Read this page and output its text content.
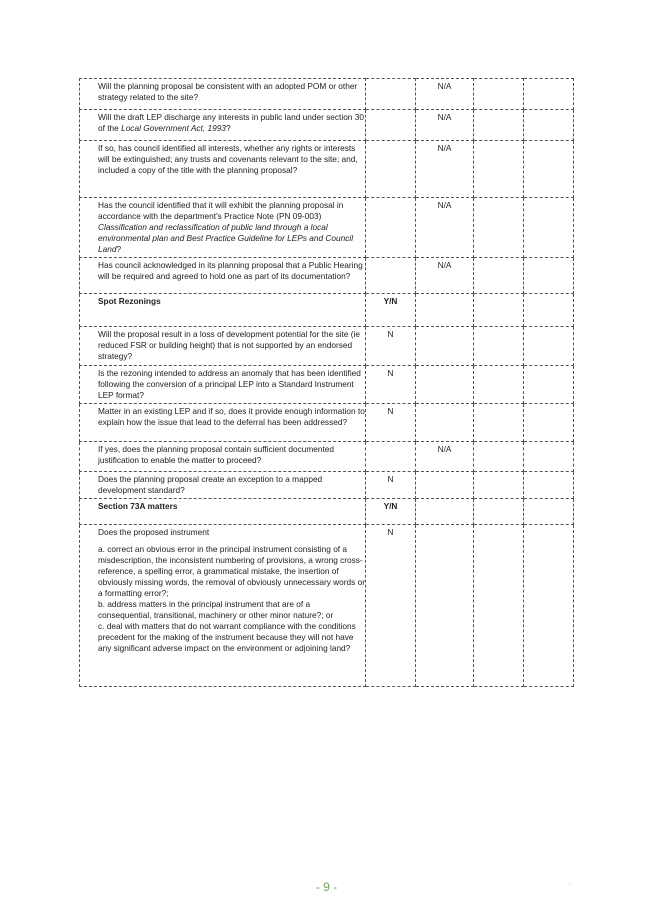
Will the planning proposal be consistent with an adopted POM or other strategy related to the site?		N/A		

Will the draft LEP discharge any interests in public land under section 30 of the Local Government Act, 1993?		N/A		

If so, has council identified all interests, whether any rights or interests will be extinguished; any trusts and covenants relevant to the site; and, included a copy of the title with the planning proposal?		N/A		

Has the council identified that it will exhibit the planning proposal in accordance with the department's Practice Note (PN 09-003) Classification and reclassification of public land through a local environmental plan and Best Practice Guideline for LEPs and Council Land?		N/A		

Has council acknowledged in its planning proposal that a Public Hearing will be required and agreed to hold one as part of its documentation?		N/A		
Spot Rezonings	Y/N			

Will the proposal result in a loss of development potential for the site (ie reduced FSR or building height) that is not supported by an endorsed strategy?	N			

Is the rezoning intended to address an anomaly that has been identified following the conversion of a principal LEP into a Standard Instrument LEP format?	N			

Matter in an existing LEP and if so, does it provide enough information to explain how the issue that lead to the deferral has been addressed?	N			

If yes, does the planning proposal contain sufficient documented justification to enable the matter to proceed?		N/A		

Does the planning proposal create an exception to a mapped development standard?	N			
Section 73A matters	Y/N			

Does the proposed instrument

a. correct an obvious error in the principal instrument consisting of a misdescription, the inconsistent numbering of provisions, a wrong cross-reference, a spelling error, a grammatical mistake, the insertion of obviously missing words, the removal of obviously unnecessary words or a formatting error?;

b. address matters in the principal instrument that are of a consequential, transitional, machinery or other minor nature?; or

c. deal with matters that do not warrant compliance with the conditions precedent for the making of the instrument because they will not have any significant adverse impact on the environment or adjoining land?	N			
- 9 -	.
